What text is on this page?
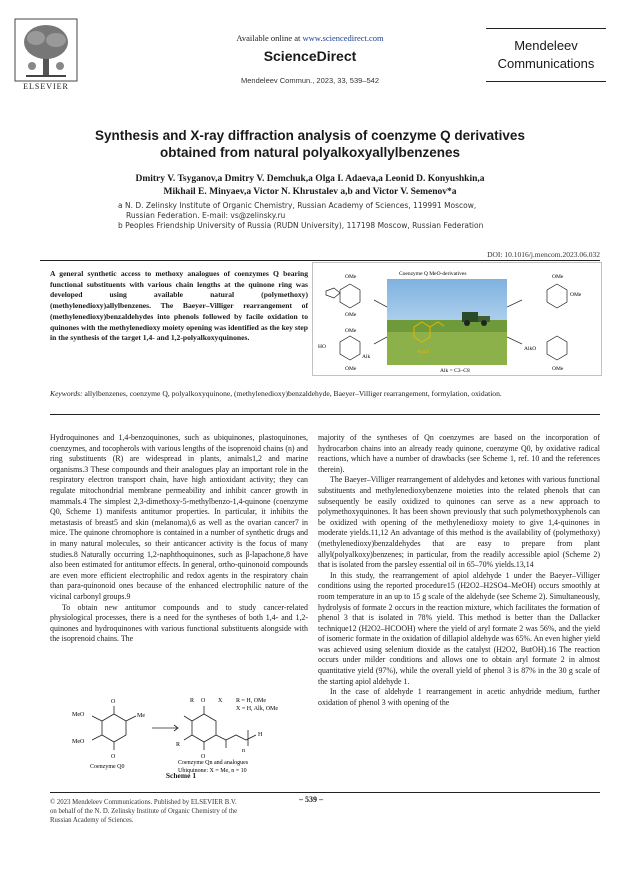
ELSEVIER
Available online at www.sciencedirect.com
ScienceDirect
Mendeleev Commun., 2023, 33, 539–542
Mendeleev
Communications
Synthesis and X-ray diffraction analysis of coenzyme Q derivatives
obtained from natural polyalkoxyallylbenzenes
Dmitry V. Tsyganov,a Dmitry V. Demchuk,a Olga I. Adaeva,a Leonid D. Konyushkin,a
Mikhail E. Minyaev,a Victor N. Khrustalev a,b and Victor V. Semenov*a
a N. D. Zelinsky Institute of Organic Chemistry, Russian Academy of Sciences, 119991 Moscow,
Russian Federation. E-mail: vs@zelinsky.ru
b Peoples Friendship University of Russia (RUDN University), 117198 Moscow, Russian Federation
DOI: 10.1016/j.mencom.2023.06.032
A general synthetic access to methoxy analogues of coenzymes Q bearing functional substituents with various chain lengths at the quinone ring was developed using available natural (polymethoxy)(methylenedioxy)allylbenzenes. The Baeyer–Villiger rearrangement of (methylenedioxy)benzaldehydes into phenols followed by facile oxidation to quinones with the methylenedioxy moiety opening was identified as the key step in the synthesis of the target 1,4- and 1,2-polyalkoxyquinones.
Coenzyme Q MeO-derivatives
OMe
OMe
OMe
OMe
HO
Alk
OMe
OMe
AlkO
OMe
Apiol
Alk = C3–C8
Keywords: allylbenzenes, coenzyme Q, polyalkoxyquinone, (methylenedioxy)benzaldehyde, Baeyer–Villiger rearrangement, formylation, oxidation.

Hydroquinones and 1,4-benzoquinones, such as ubiquinones, plastoquinones, coenzymes, and tocopherols with various lengths of the isoprenoid chains (n) and ring substituents (R) are widespread in plants, animals1,2 and marine organisms.3 These compounds and their analogues play an important role in the respiratory electron transport chain, have high antioxidant activity; they can regulate mitochondrial membrane permeability and inhibit cancer growth in mammals.4 The simplest 2,3-dimethoxy-5-methylbenzo-1,4-quinone (coenzyme Q0, Scheme 1) manifests antitumor properties. In particular, it inhibits the metastasis of breast5 and skin (melanoma),6 as well as the ovarian cancer7 in mice. The quinone chromophore is contained in a number of synthetic drugs and in many natural molecules, so their anticancer activity is the focus of many studies.8 Naturally occurring 1,2-naphthoquinones, such as β-lapachone,8 have also been estimated for antitumor effects. In general, ortho-quinonoid compounds are even more efficient electrophilic and redox agents in the respiratory chain than para-quinonoid ones because of the enhanced electrophilic nature of the vicinal carbonyl groups.9

To obtain new antitumor compounds and to study cancer-related physiological processes, there is a need for the syntheses of both 1,4- and 1,2-quinones and hydroquinones with various functional substituents alongside with the isoprenoid chains. The

majority of the syntheses of Qn coenzymes are based on the incorporation of hydrocarbon chains into an already ready quinone, coenzyme Q0, by oxidative radical reactions, which have a number of drawbacks (see Scheme 1, ref. 10 and the references therein).

The Baeyer–Villiger rearrangement of aldehydes and ketones with various functional substituents and methylenedioxybenzene moieties into the related phenols that can subsequently be easily oxidized to quinones can serve as a new approach to polymethoxyquinones. It has been shown previously that such polymethoxyphenols can be oxidized with opening of the methylenedioxy moiety to give 1,4-quinones in moderate yields.11,12 An advantage of this method is the availability of (polymethoxy)(methylenedioxy)benzaldehydes that are easy to prepare from plant allyl(polyalkoxy)benzenes; in particular, from the readily accessible apiol (Scheme 2) that is isolated from the parsley essential oil in 65–70% yields.13,14

In this study, the rearrangement of apiol aldehyde 1 under the Baeyer–Villiger conditions using the reported procedure15 (H2O2–H2SO4–MeOH) occurs smoothly at room temperature in an up to 15 g scale of the aldehyde (see Scheme 2). Simultaneously, hydrolysis of formate 2 occurs in the reaction mixture, which facilitates the formation of phenol 3 that is isolated in 78% yield. This method is better than the Dallacker technique12 (H2O2–HCOOH) where the yield of aryl formate 2 was 56%, and the yield of isomeric formate in the oxidation of dillapiol aldehyde was 65%. An even higher yield was achieved using selenium dioxide as the catalyst (H2O2, ButOH).16 The reaction occurs under milder conditions and allows one to obtain aryl formate 2 in almost quantitative yield (97%), while the overall yield of phenol 3 is 87% in the 30 g scale of the starting apiol aldehyde 1.

In the case of aldehyde 1 rearrangement in acetic anhydride medium, further oxidation of phenol 3 with opening of the

O
MeO	Me
MeO
O
Coenzyme Q0
R O X R = H, OMe
X = H, Alk, OMe
R
O
H
n
Coenzyme Qn and analogues
Ubiquinone: X = Me, n = 10
Scheme 1
© 2023 Mendeleev Communications. Published by ELSEVIER B.V.
on behalf of the N. D. Zelinsky Institute of Organic Chemistry of the
Russian Academy of Sciences.
– 539 –
